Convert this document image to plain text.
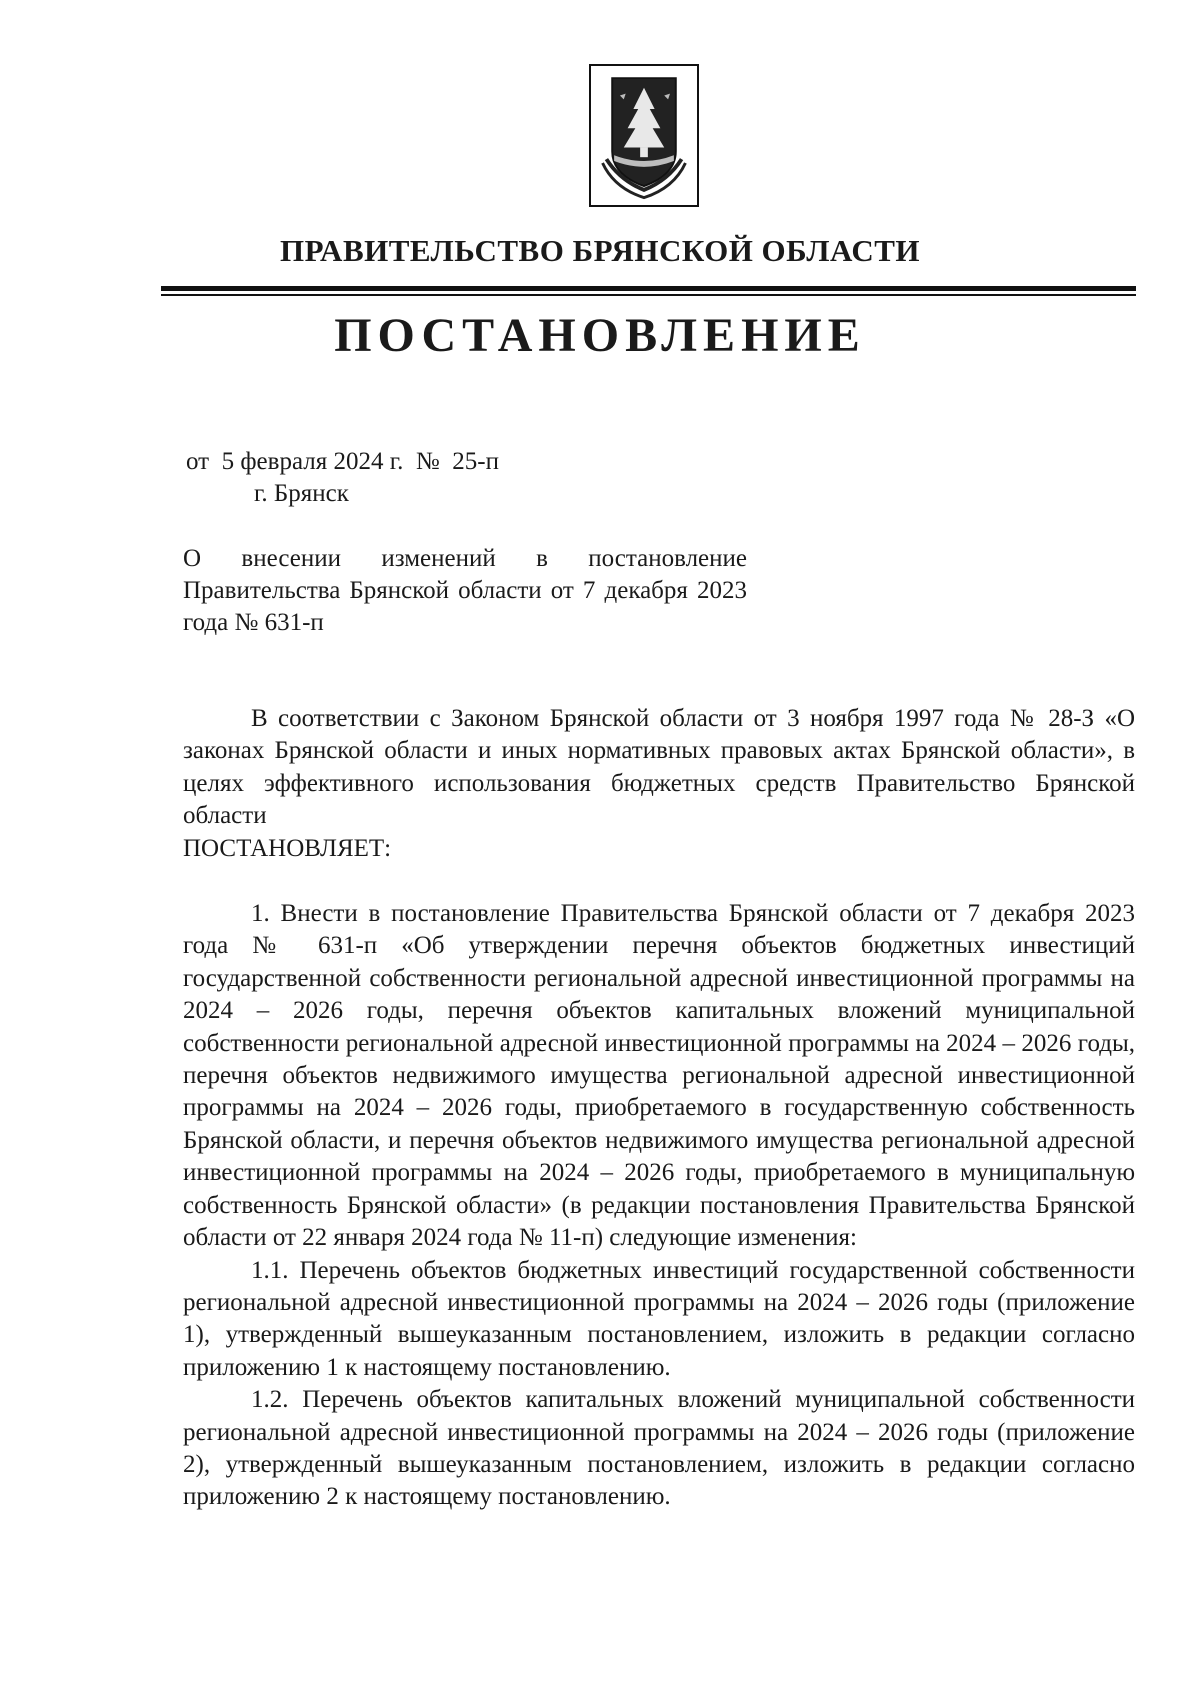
ПРАВИТЕЛЬСТВО БРЯНСКОЙ ОБЛАСТИ
ПОСТАНОВЛЕНИЕ
от  5 февраля 2024 г.  №  25-п
г. Брянск
О внесении изменений в постановление Правительства Брянской области от 7 декабря 2023 года № 631-п

В соответствии с Законом Брянской области от 3 ноября 1997 года № 28-З «О законах Брянской области и иных нормативных правовых актах Брянской области», в целях эффективного использования бюджетных средств Правительство Брянской области

ПОСТАНОВЛЯЕТ:

1. Внести в постановление Правительства Брянской области от 7 декабря 2023 года № 631-п «Об утверждении перечня объектов бюджетных инвестиций государственной собственности региональной адресной инвестиционной программы на 2024 – 2026 годы, перечня объектов капитальных вложений муниципальной собственности региональной адресной инвестиционной программы на 2024 – 2026 годы, перечня объектов недвижимого имущества региональной адресной инвестиционной программы на 2024 – 2026 годы, приобретаемого в государственную собственность Брянской области, и перечня объектов недвижимого имущества региональной адресной инвестиционной программы на 2024 – 2026 годы, приобретаемого в муниципальную собственность Брянской области» (в редакции постановления Правительства Брянской области от 22 января 2024 года № 11-п) следующие изменения:

1.1. Перечень объектов бюджетных инвестиций государственной собственности региональной адресной инвестиционной программы на 2024 – 2026 годы (приложение 1), утвержденный вышеуказанным постановлением, изложить в редакции согласно приложению 1 к настоящему постановлению.

1.2. Перечень объектов капитальных вложений муниципальной собственности региональной адресной инвестиционной программы на 2024 – 2026 годы (приложение 2), утвержденный вышеуказанным постановлением, изложить в редакции согласно приложению 2 к настоящему постановлению.
